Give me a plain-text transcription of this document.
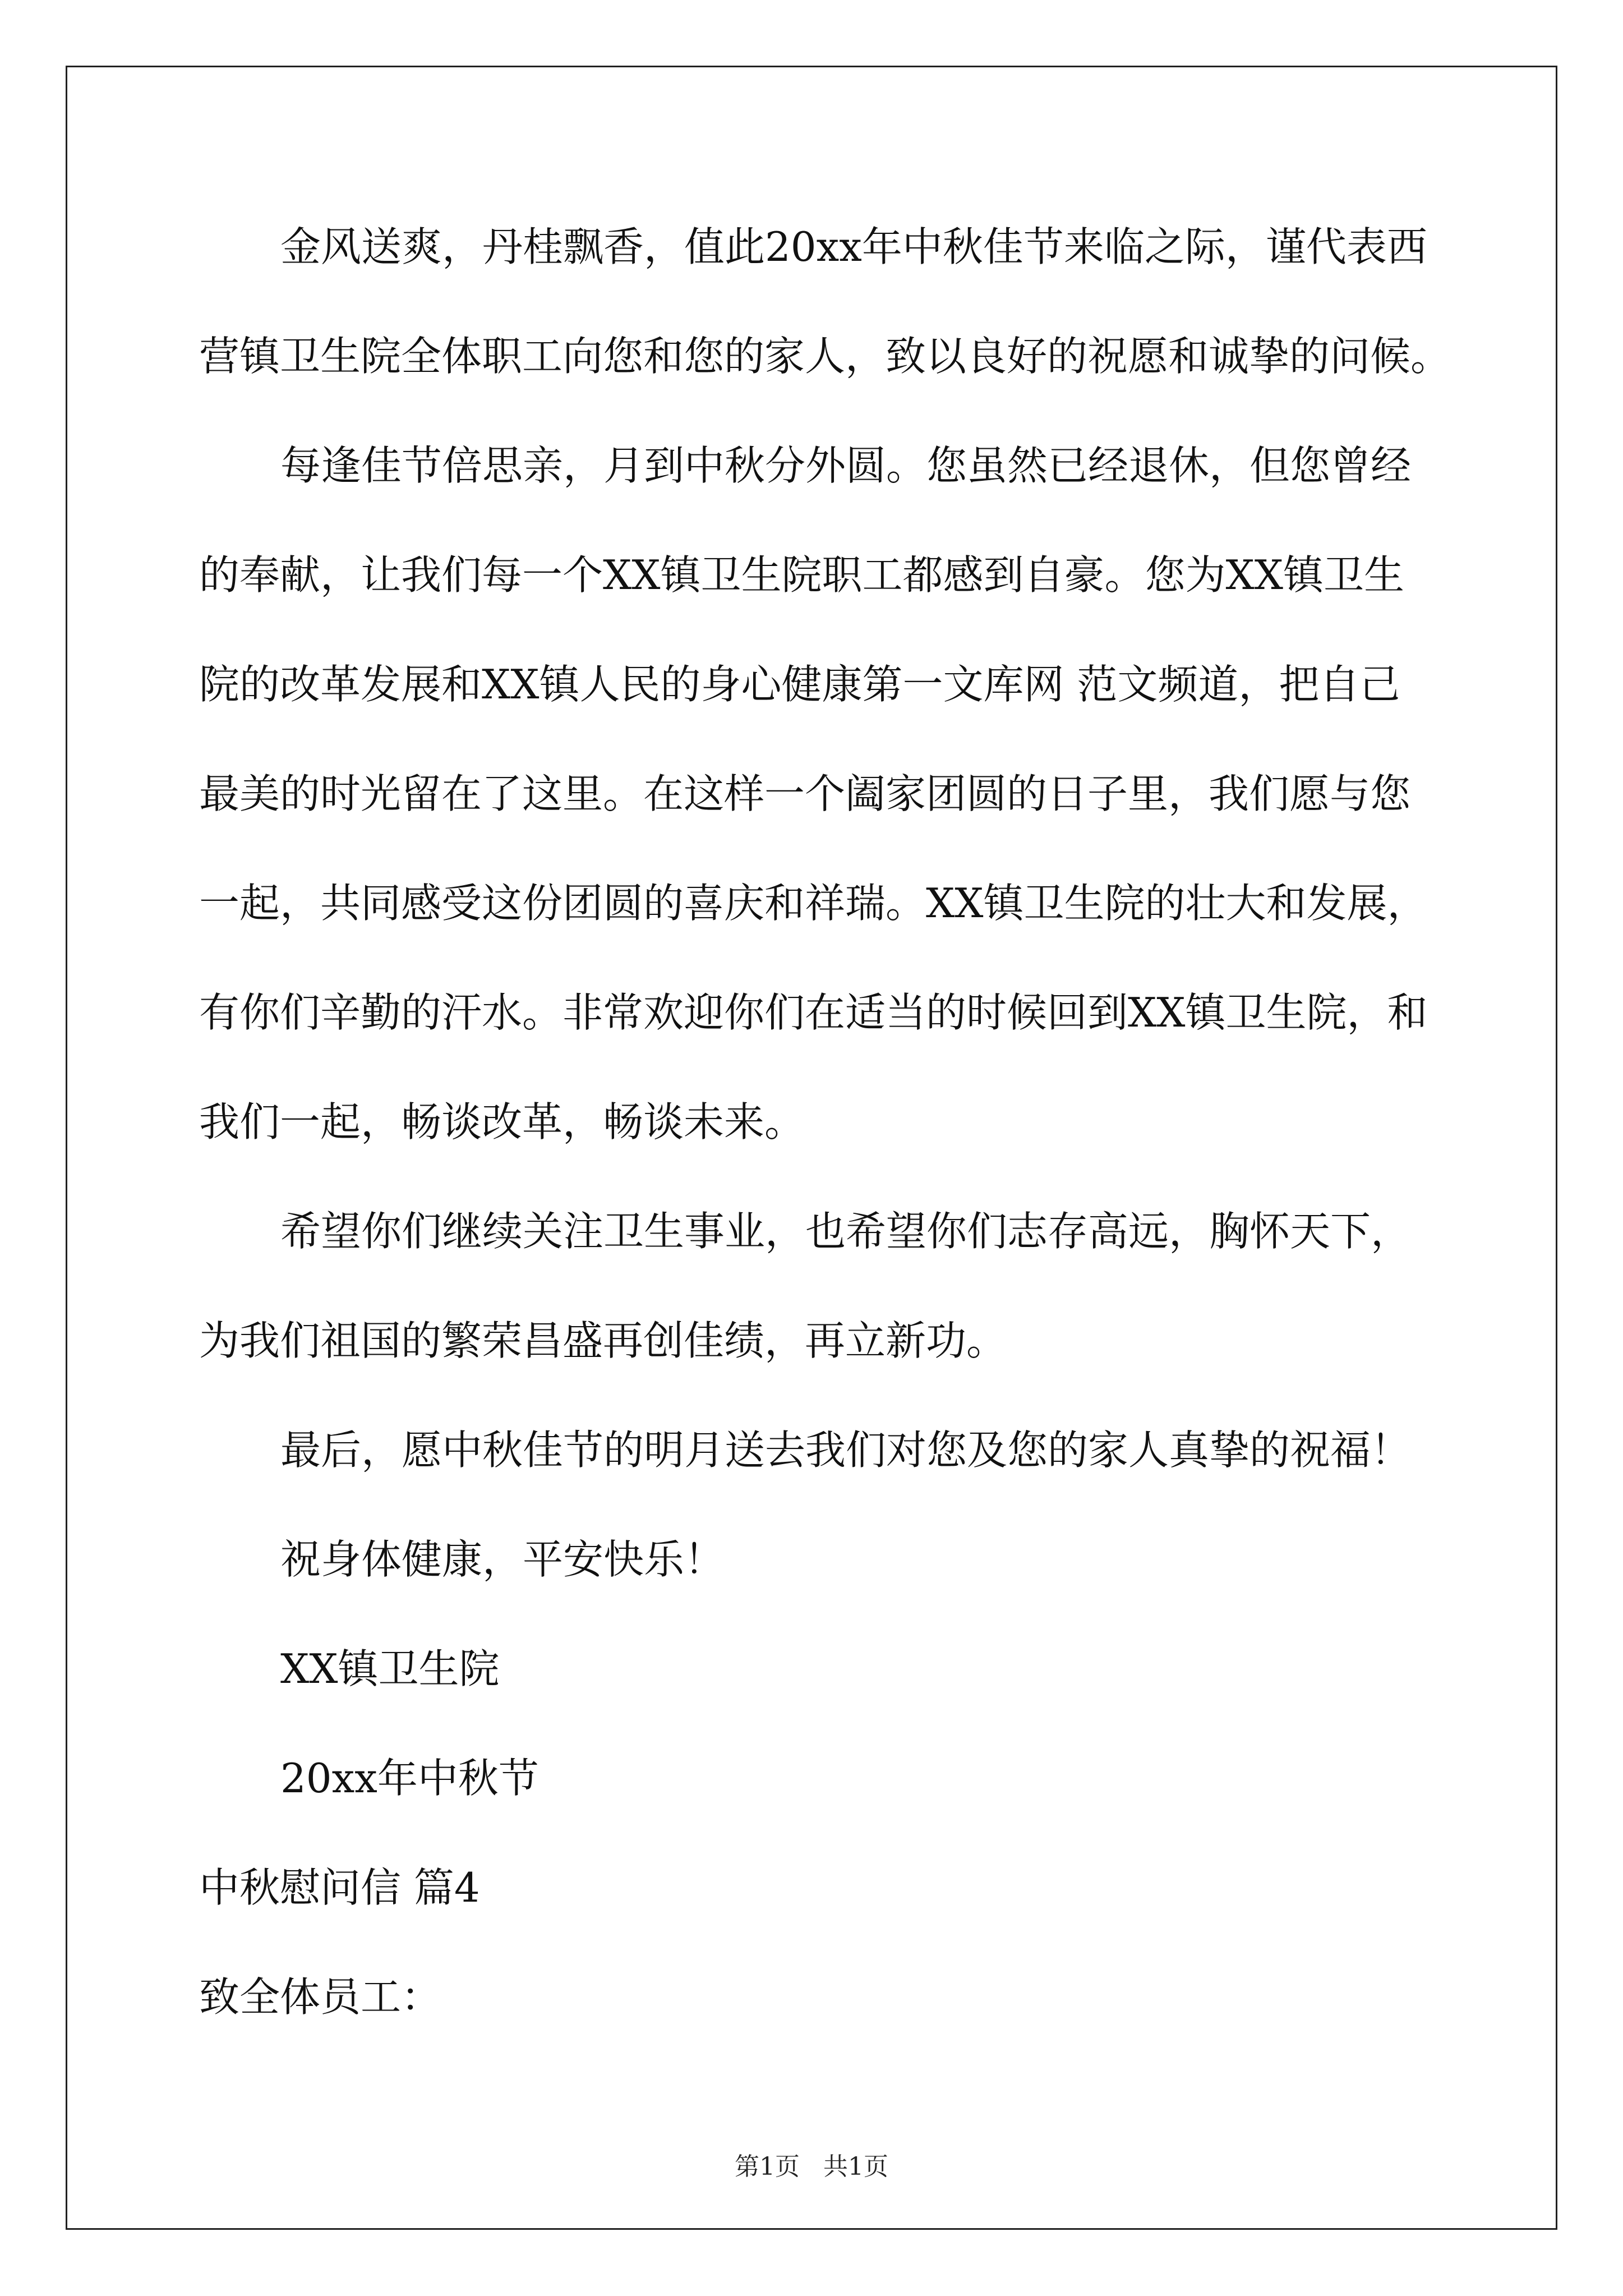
金风送爽，丹桂飘香，值此20xx年中秋佳节来临之际，谨代表西
营镇卫生院全体职工向您和您的家人，致以良好的祝愿和诚挚的问候。
每逢佳节倍思亲，月到中秋分外圆。您虽然已经退休，但您曾经
的奉献，让我们每一个XX镇卫生院职工都感到自豪。您为XX镇卫生
院的改革发展和XX镇人民的身心健康第一文库网 范文频道，把自己
最美的时光留在了这里。在这样一个阖家团圆的日子里，我们愿与您
一起，共同感受这份团圆的喜庆和祥瑞。XX镇卫生院的壮大和发展，
有你们辛勤的汗水。非常欢迎你们在适当的时候回到XX镇卫生院，和
我们一起，畅谈改革，畅谈未来。
希望你们继续关注卫生事业，也希望你们志存高远，胸怀天下，
为我们祖国的繁荣昌盛再创佳绩，再立新功。
最后，愿中秋佳节的明月送去我们对您及您的家人真挚的祝福！
祝身体健康，平安快乐！
XX镇卫生院
20xx年中秋节
中秋慰问信 篇4
致全体员工：
第1页   共1页
